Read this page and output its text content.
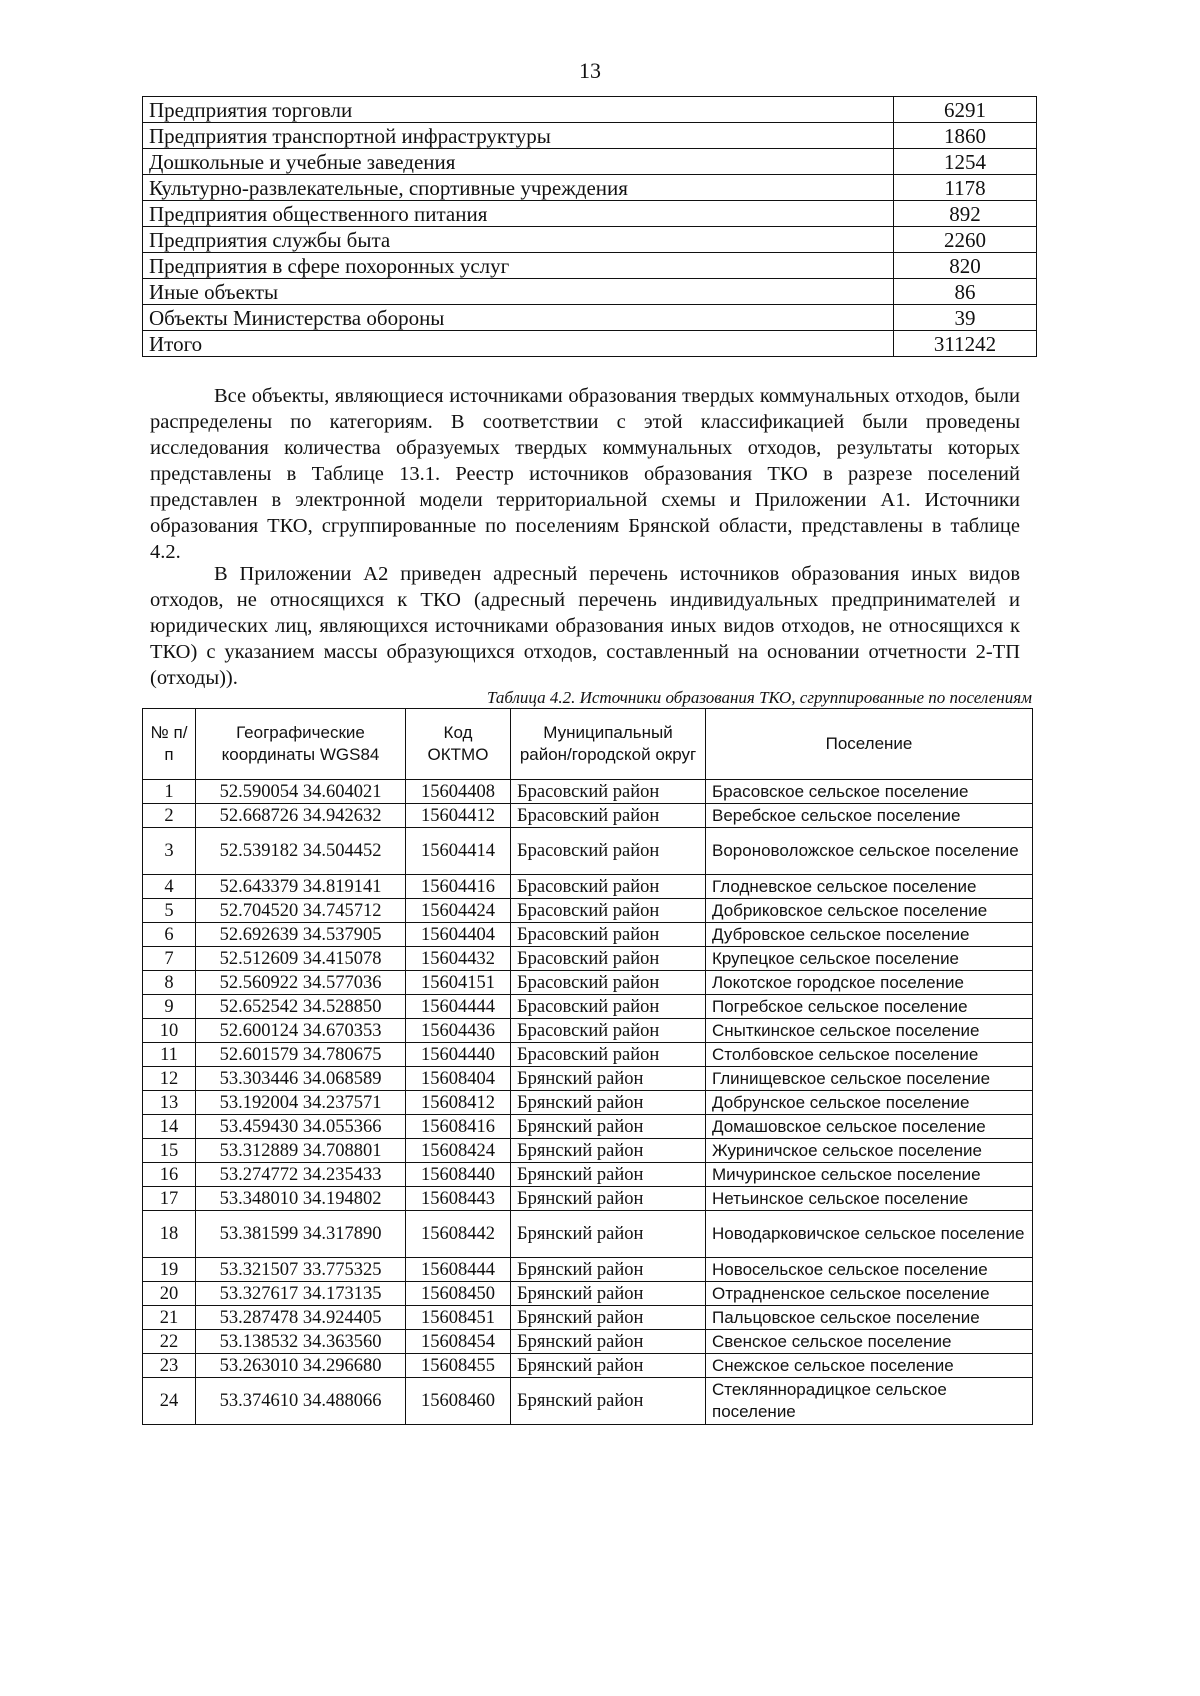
13
Предприятия торговли	6291
Предприятия транспортной инфраструктуры	1860
Дошкольные и учебные заведения	1254
Культурно-развлекательные, спортивные учреждения	1178
Предприятия общественного питания	892
Предприятия службы быта	2260
Предприятия в сфере похоронных услуг	820
Иные объекты	86
Объекты Министерства обороны	39
Итого	311242

Все объекты, являющиеся источниками образования твердых коммунальных отходов, были распределены по категориям. В соответствии с этой классификацией были проведены исследования количества образуемых твердых коммунальных отходов, результаты которых представлены в Таблице 13.1. Реестр источников образования ТКО в разрезе поселений представлен в электронной модели территориальной схемы и Приложении А1. Источники образования ТКО, сгруппированные по поселениям Брянской области, представлены в таблице 4.2.

В Приложении А2 приведен адресный перечень источников образования иных видов отходов, не относящихся к ТКО (адресный перечень индивидуальных предпринимателей и юридических лиц, являющихся источниками образования иных видов отходов, не относящихся к ТКО) с указанием массы образующихся отходов, составленный на основании отчетности 2-ТП (отходы)).

Таблица 4.2. Источники образования ТКО, сгруппированные по поселениям
№ п/п	Географические координаты WGS84	Код ОКТМО	Муниципальный район/городской округ	Поселение
1	52.590054 34.604021	15604408	Брасовский район	Брасовское сельское поселение
2	52.668726 34.942632	15604412	Брасовский район	Веребское сельское поселение
3	52.539182 34.504452	15604414	Брасовский район	Вороноволожское сельское поселение
4	52.643379 34.819141	15604416	Брасовский район	Глодневское сельское поселение
5	52.704520 34.745712	15604424	Брасовский район	Добриковское сельское поселение
6	52.692639 34.537905	15604404	Брасовский район	Дубровское сельское поселение
7	52.512609 34.415078	15604432	Брасовский район	Крупецкое сельское поселение
8	52.560922 34.577036	15604151	Брасовский район	Локотское городское поселение
9	52.652542 34.528850	15604444	Брасовский район	Погребское сельское поселение
10	52.600124 34.670353	15604436	Брасовский район	Сныткинское сельское поселение
11	52.601579 34.780675	15604440	Брасовский район	Столбовское сельское поселение
12	53.303446 34.068589	15608404	Брянский район	Глинищевское сельское поселение
13	53.192004 34.237571	15608412	Брянский район	Добрунское сельское поселение
14	53.459430 34.055366	15608416	Брянский район	Домашовское сельское поселение
15	53.312889 34.708801	15608424	Брянский район	Журиничское сельское поселение
16	53.274772 34.235433	15608440	Брянский район	Мичуринское сельское поселение
17	53.348010 34.194802	15608443	Брянский район	Нетьинское сельское поселение
18	53.381599 34.317890	15608442	Брянский район	Новодарковичское сельское поселение
19	53.321507 33.775325	15608444	Брянский район	Новосельское сельское поселение
20	53.327617 34.173135	15608450	Брянский район	Отрадненское сельское поселение
21	53.287478 34.924405	15608451	Брянский район	Пальцовское сельское поселение
22	53.138532 34.363560	15608454	Брянский район	Свенское сельское поселение
23	53.263010 34.296680	15608455	Брянский район	Снежское сельское поселение
24	53.374610 34.488066	15608460	Брянский район	Стекляннорадицкое сельское поселение
